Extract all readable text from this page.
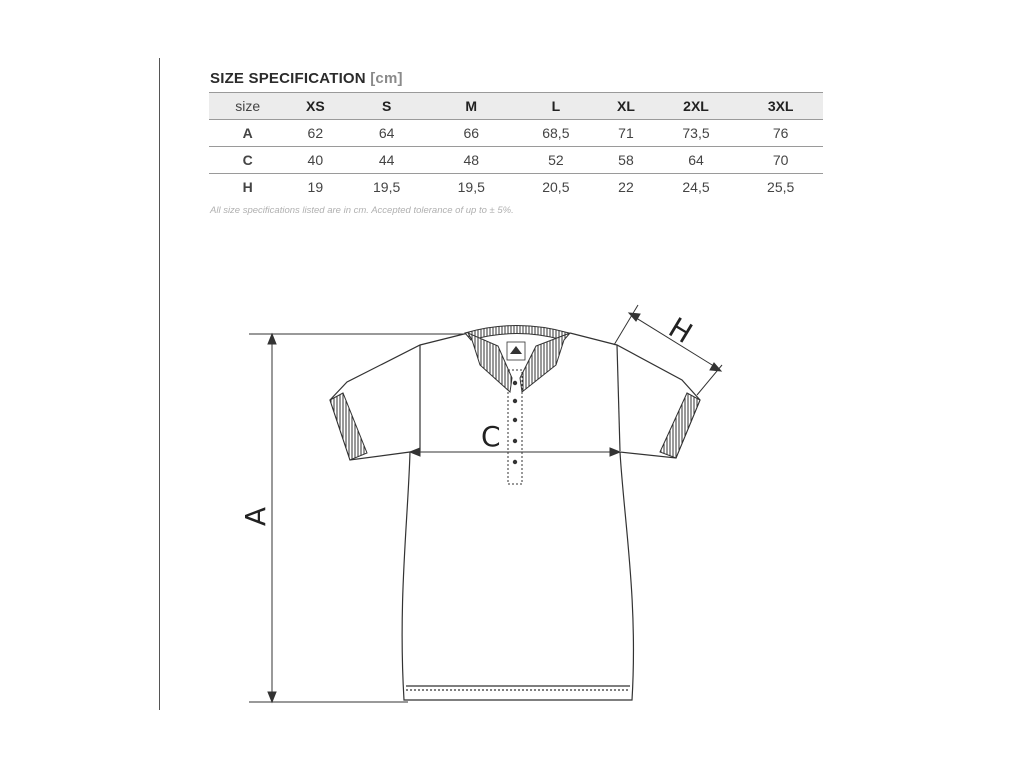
SIZE SPECIFICATION [cm]
size	XS	S	M	L	XL	2XL	3XL
A	62	64	66	68,5	71	73,5	76
C	40	44	48	52	58	64	70
H	19	19,5	19,5	20,5	22	24,5	25,5
All size specifications listed are in cm. Accepted tolerance of up to ± 5%.
A
C
H
